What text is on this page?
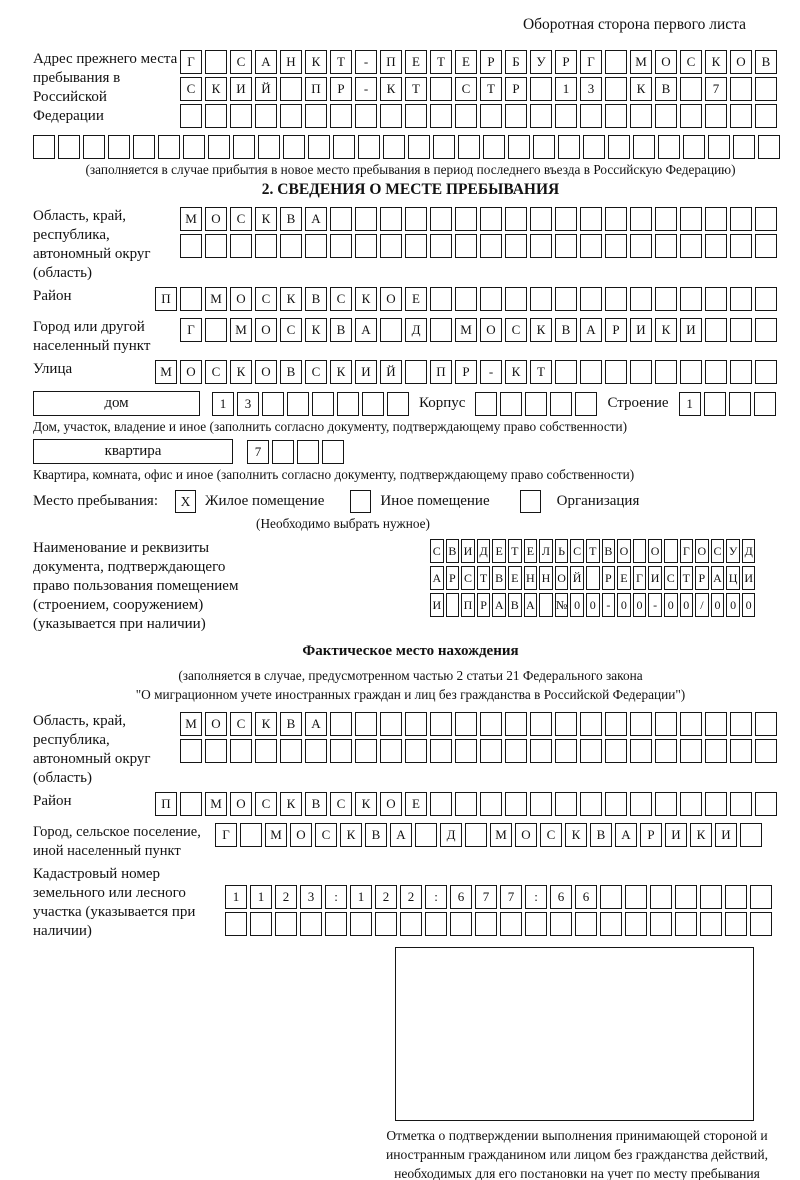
Оборотная сторона первого листа
Адрес прежнего места пребывания в Российской Федерации
Г	С	А	Н	К	Т	-	П	Е	Т	Е	Р	Б	У	Р	Г	М	О	С	К	О	В
С	К	И	Й	П	Р	-	К	Т	С	Т	Р	1	3	К	В	7
(заполняется в случае прибытия в новое место пребывания в период последнего въезда в Российскую Федерацию)
2. СВЕДЕНИЯ О МЕСТЕ ПРЕБЫВАНИЯ
Область, край, республика, автономный округ (область)
М	О	С	К	В	А
Район	П	М	О	С	К	В	С	К	О	Е
Город или другой населенный пункт
Г	М	О	С	К	В	А	Д	М	О	С	К	В	А	Р	И	К	И
Улица	М	О	С	К	О	В	С	К	И	Й	П	Р	-	К	Т
дом	1	3	Корпус	Строение	1
Дом, участок, владение и иное (заполнить согласно документу, подтверждающему право собственности)
квартира	7
Квартира, комната, офис и иное (заполнить согласно документу, подтверждающему право собственности)
Место пребывания:	X Жилое помещение	Иное помещение	Организация
(Необходимо выбрать нужное)
Наименование и реквизиты документа, подтверждающего право пользования помещением (строением, сооружением) (указывается при наличии)
С В И Д Е Т Е Л Ь С Т В О О Г О С У Д
А Р С Т В Е Н Н О Й Р Е Г И С Т Р А Ц И
И П Р А В А № 0 0 - 0 0 - 0 0 / 0 0 0
Фактическое место нахождения
(заполняется в случае, предусмотренном частью 2 статьи 21 Федерального закона
"О миграционном учете иностранных граждан и лиц без гражданства в Российской Федерации")
Область, край, республика, автономный округ (область)
М	О	С	К	В	А
Район	П	М	О	С	К	В	С	К	О	Е
Город, сельское поселение, иной населенный пункт
Г	М	О	С	К	В	А	Д	М	О	С	К	В	А	Р	И	К	И
Кадастровый номер земельного или лесного участка (указывается при наличии)
1	1	2	3	:	1	2	2	:	6	7	7	:	6	6
Отметка о подтверждении выполнения принимающей стороной и иностранным гражданином или лицом без гражданства действий, необходимых для его постановки на учет по месту пребывания
